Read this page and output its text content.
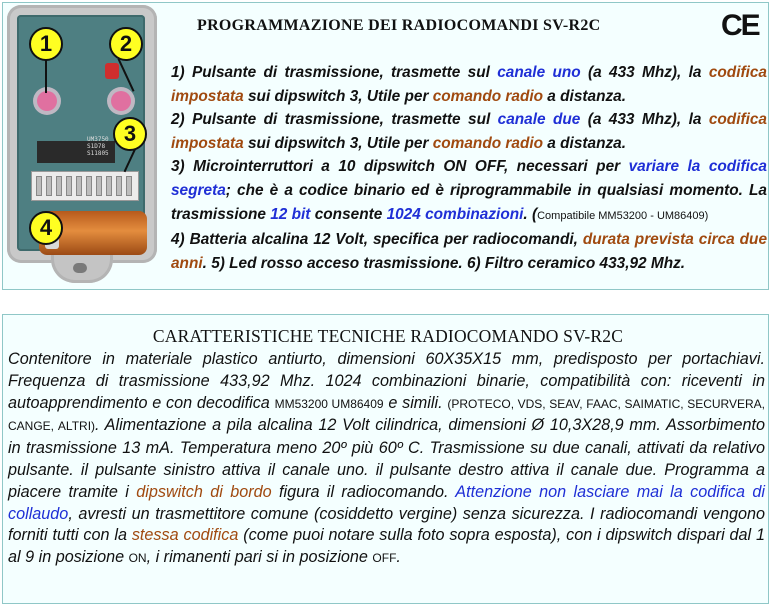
UM3750
S1D78
S11805
1	2
3
4
PROGRAMMAZIONE DEI RADIOCOMANDI SV-R2C	CE
1) Pulsante di trasmissione, trasmette sul canale uno (a 433 Mhz), la codifica impostata sui dipswitch 3, Utile per comando radio a distanza.
2) Pulsante di trasmissione, trasmette sul canale due (a 433 Mhz), la codifica impostata sui dipswitch 3, Utile per comando radio a distanza.
3) Microinterruttori a 10 dipswitch ON OFF, necessari per variare la codifica segreta; che è a codice binario ed è riprogrammabile in qualsiasi momento. La trasmissione 12 bit consente 1024 combinazioni. (Compatibile MM53200 - UM86409)
4) Batteria alcalina 12 Volt, specifica per radiocomandi, durata prevista circa due anni. 5) Led rosso acceso trasmissione. 6) Filtro ceramico 433,92 Mhz.
CARATTERISTICHE TECNICHE RADIOCOMANDO SV-R2C
Contenitore in materiale plastico antiurto, dimensioni 60X35X15 mm, predisposto per portachiavi. Frequenza di trasmissione 433,92 Mhz. 1024 combinazioni binarie, compatibilità con: riceventi in autoapprendimento e con decodifica MM53200 UM86409 e simili. (PROTECO, VDS, SEAV, FAAC, SAIMATIC, SECURVERA, CANGE, ALTRI). Alimentazione a pila alcalina 12 Volt cilindrica, dimensioni Ø 10,3X28,9 mm. Assorbimento in trasmissione 13 mA. Temperatura meno 20º più 60º C. Trasmissione su due canali, attivati da relativo pulsante. il pulsante sinistro attiva il canale uno. il pulsante destro attiva il canale due. Programma a piacere tramite i dipswitch di bordo figura il radiocomando. Attenzione non lasciare mai la codifica di collaudo, avresti un trasmettitore comune (cosiddetto vergine) senza sicurezza. I radiocomandi vengono forniti tutti con la stessa codifica (come puoi notare sulla foto sopra esposta), con i dipswitch dispari dal 1 al 9 in posizione ON, i rimanenti pari si in posizione OFF.
